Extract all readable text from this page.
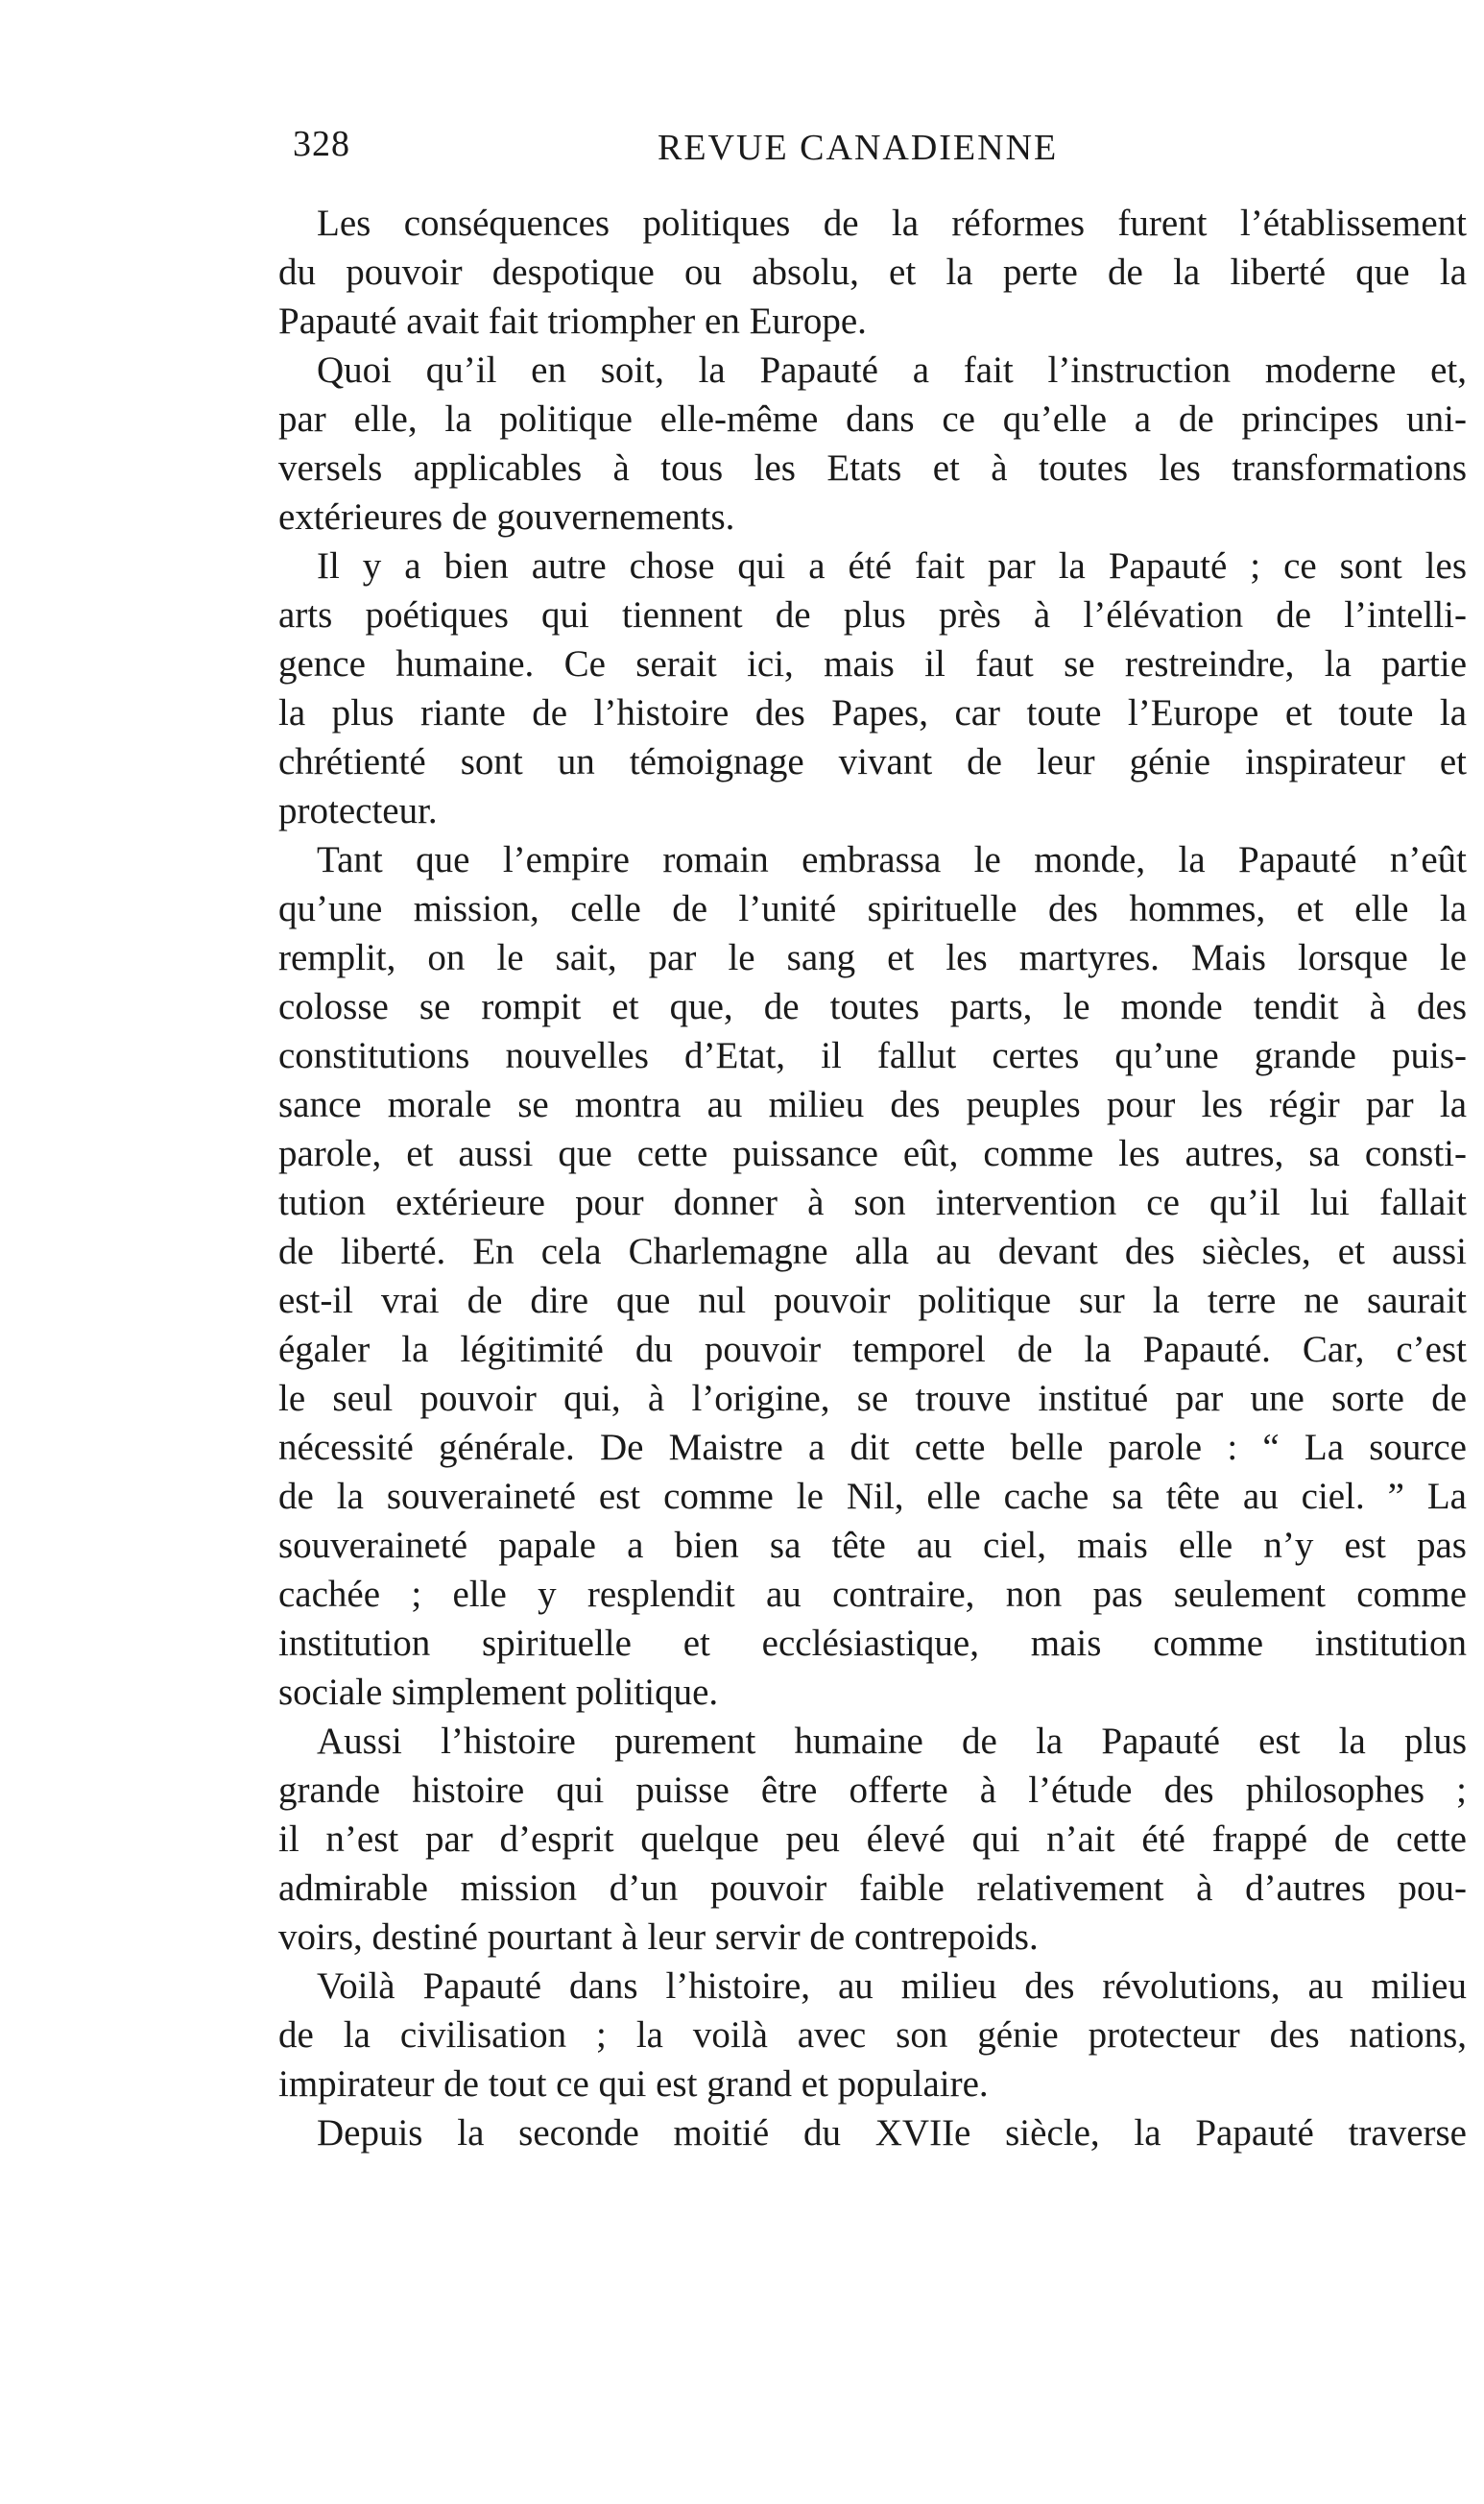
328	REVUE CANADIENNE
Les conséquences politiques de la réformes furent l’établissement
du pouvoir despotique ou absolu, et la perte de la liberté que la
Papauté avait fait triompher en Europe.
Quoi qu’il en soit, la Papauté a fait l’instruction moderne et,
par elle, la politique elle-même dans ce qu’elle a de principes uni-
versels applicables à tous les Etats et à toutes les transformations
extérieures de gouvernements.
Il y a bien autre chose qui a été fait par la Papauté ; ce sont les
arts poétiques qui tiennent de plus près à l’élévation de l’intelli-
gence humaine. Ce serait ici, mais il faut se restreindre, la partie
la plus riante de l’histoire des Papes, car toute l’Europe et toute la
chrétienté sont un témoignage vivant de leur génie inspirateur et
protecteur.
Tant que l’empire romain embrassa le monde, la Papauté n’eût
qu’une mission, celle de l’unité spirituelle des hommes, et elle la
remplit, on le sait, par le sang et les martyres. Mais lorsque le
colosse se rompit et que, de toutes parts, le monde tendit à des
constitutions nouvelles d’Etat, il fallut certes qu’une grande puis-
sance morale se montra au milieu des peuples pour les régir par la
parole, et aussi que cette puissance eût, comme les autres, sa consti-
tution extérieure pour donner à son intervention ce qu’il lui fallait
de liberté. En cela Charlemagne alla au devant des siècles, et aussi
est-il vrai de dire que nul pouvoir politique sur la terre ne saurait
égaler la légitimité du pouvoir temporel de la Papauté. Car, c’est
le seul pouvoir qui, à l’origine, se trouve institué par une sorte de
nécessité générale. De Maistre a dit cette belle parole : “ La source
de la souveraineté est comme le Nil, elle cache sa tête au ciel. ” La
souveraineté papale a bien sa tête au ciel, mais elle n’y est pas
cachée ; elle y resplendit au contraire, non pas seulement comme
institution spirituelle et ecclésiastique, mais comme institution
sociale simplement politique.
Aussi l’histoire purement humaine de la Papauté est la plus
grande histoire qui puisse être offerte à l’étude des philosophes ;
il n’est par d’esprit quelque peu élevé qui n’ait été frappé de cette
admirable mission d’un pouvoir faible relativement à d’autres pou-
voirs, destiné pourtant à leur servir de contrepoids.
Voilà Papauté dans l’histoire, au milieu des révolutions, au milieu
de la civilisation ; la voilà avec son génie protecteur des nations,
impirateur de tout ce qui est grand et populaire.
Depuis la seconde moitié du XVIIe siècle, la Papauté traverse
